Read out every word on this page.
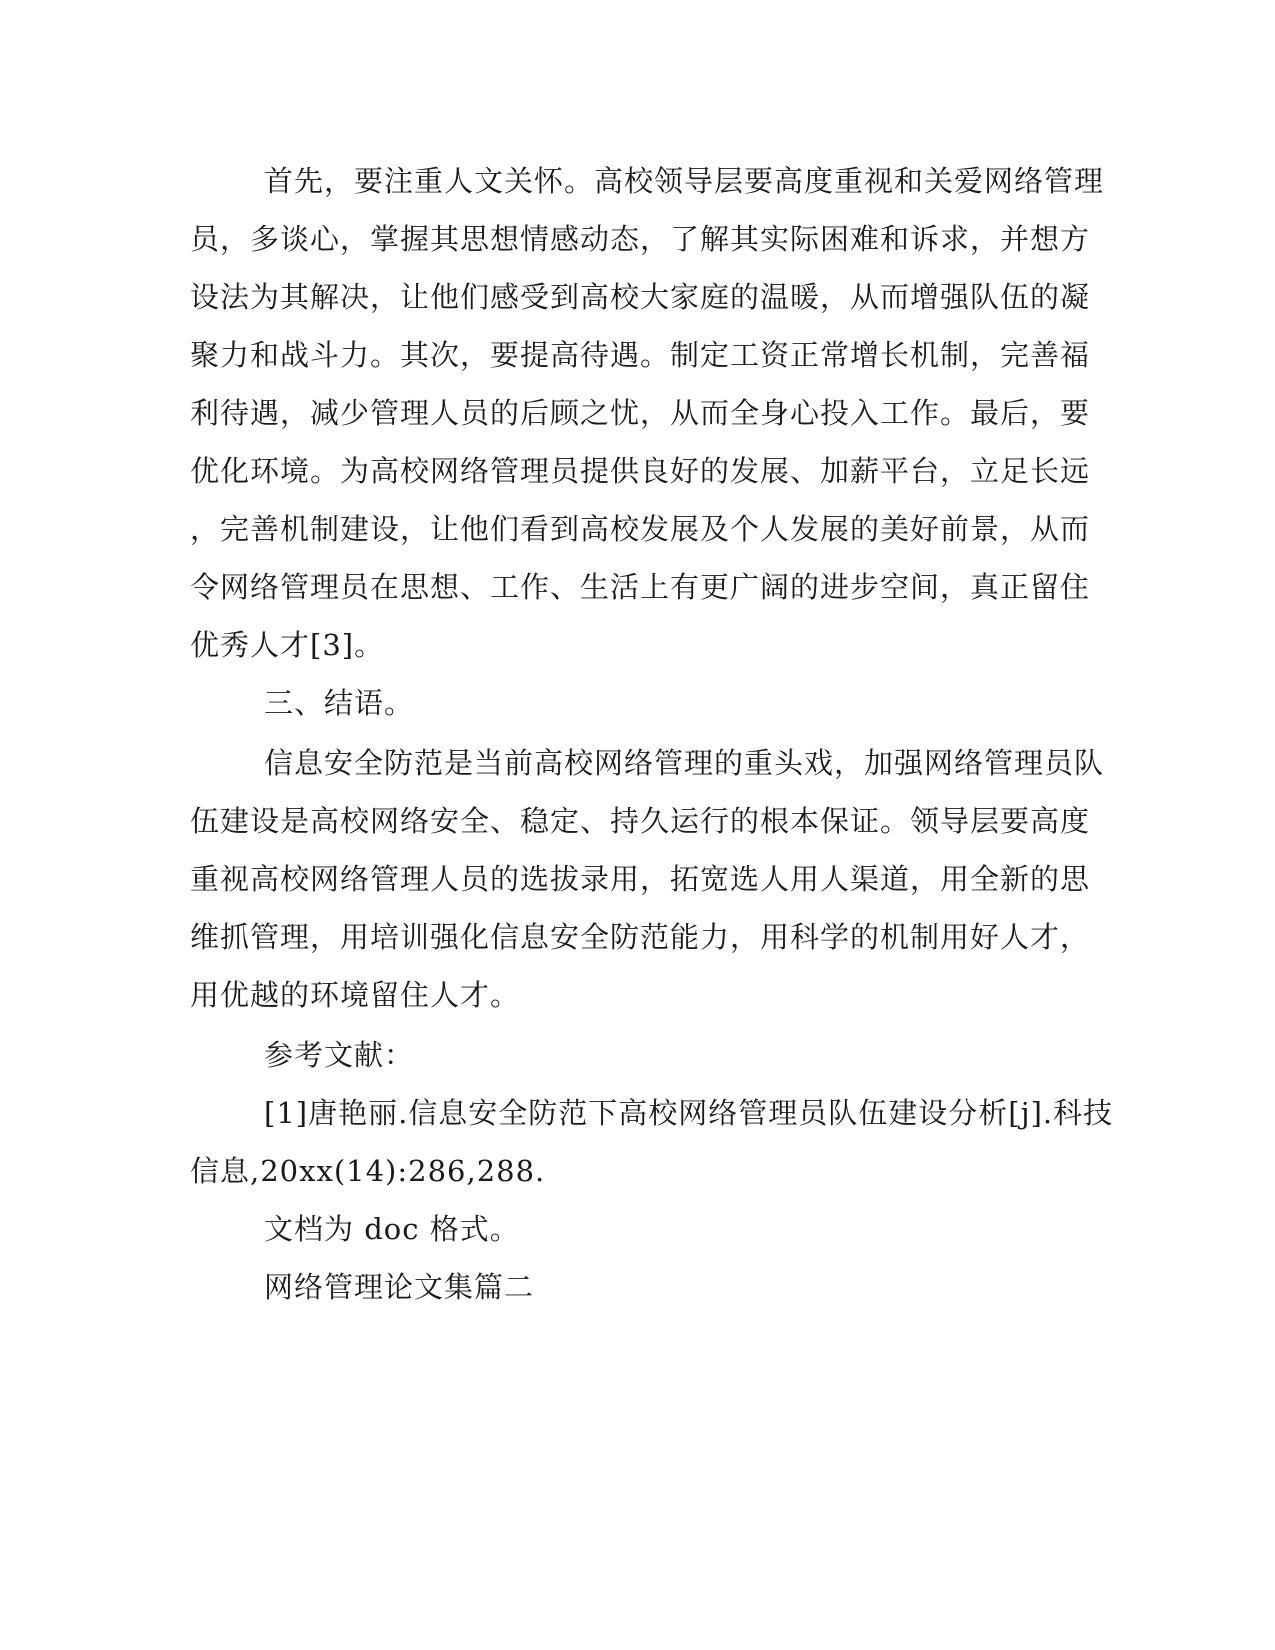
首先，要注重人文关怀。高校领导层要高度重视和关爱网络管理
员，多谈心，掌握其思想情感动态，了解其实际困难和诉求，并想方
设法为其解决，让他们感受到高校大家庭的温暖，从而增强队伍的凝
聚力和战斗力。其次，要提高待遇。制定工资正常增长机制，完善福
利待遇，减少管理人员的后顾之忧，从而全身心投入工作。最后，要
优化环境。为高校网络管理员提供良好的发展、加薪平台，立足长远
，完善机制建设，让他们看到高校发展及个人发展的美好前景，从而
令网络管理员在思想、工作、生活上有更广阔的进步空间，真正留住
优秀人才[3]。
三、结语。
信息安全防范是当前高校网络管理的重头戏，加强网络管理员队
伍建设是高校网络安全、稳定、持久运行的根本保证。领导层要高度
重视高校网络管理人员的选拔录用，拓宽选人用人渠道，用全新的思
维抓管理，用培训强化信息安全防范能力，用科学的机制用好人才，
用优越的环境留住人才。
参考文献：
[1]唐艳丽.信息安全防范下高校网络管理员队伍建设分析[j].科技
信息,20xx(14):286,288.
文档为 doc 格式。
网络管理论文集篇二
